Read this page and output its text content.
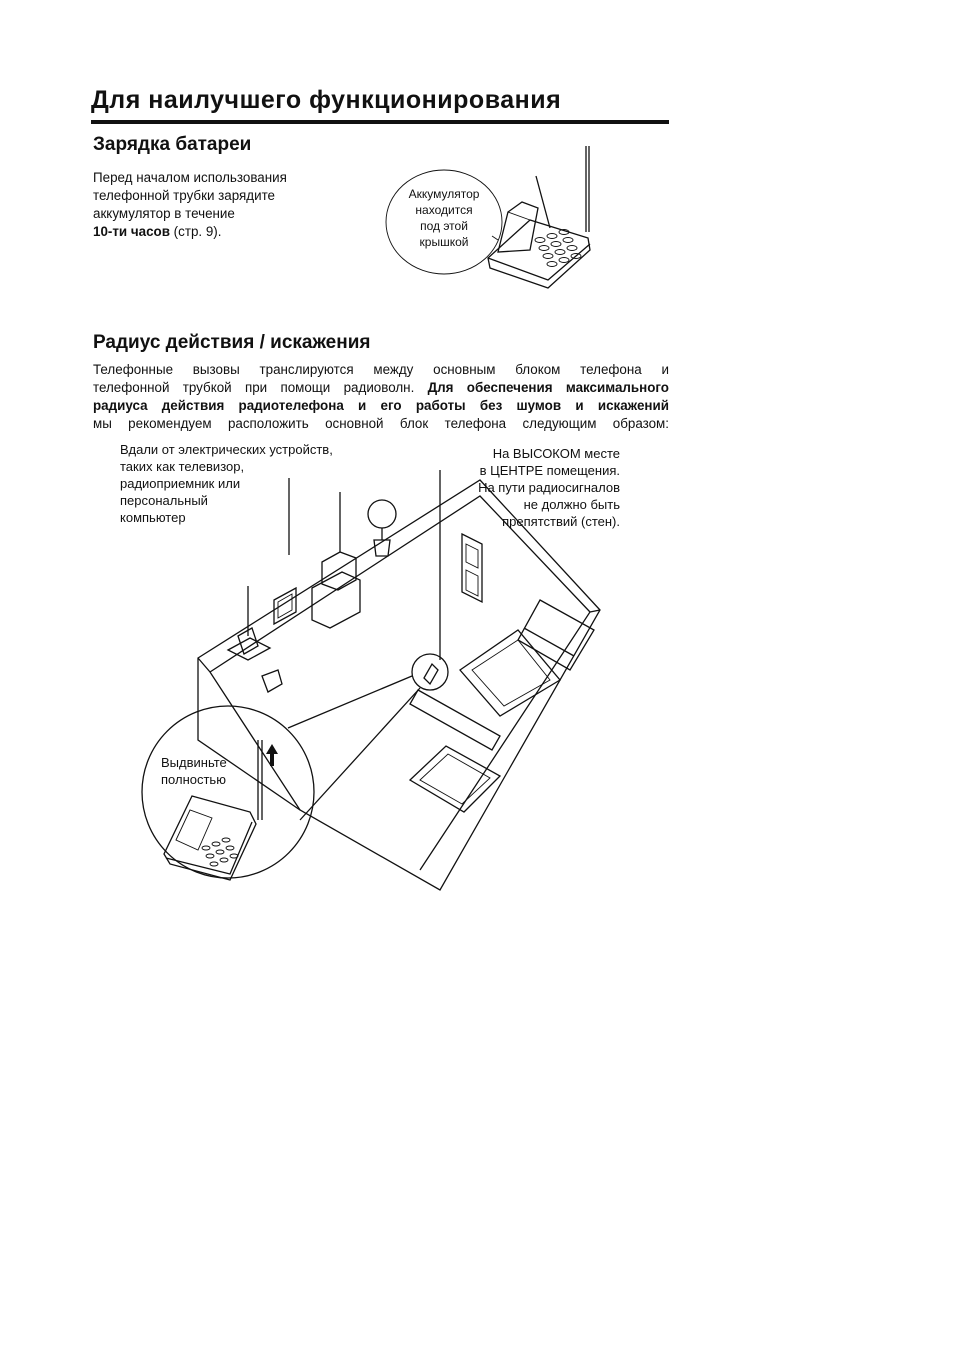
Для наилучшего функционирования
Зарядка батареи
Перед началом использования
телефонной трубки зарядите
аккумулятор в течение
10-ти часов (стр. 9).
Аккумулятор
находится
под этой
крышкой
Радиус действия / искажения
Телефонные вызовы транслируются между основным блоком телефона и
телефонной трубкой при помощи радиоволн. Для обеспечения максимального
радиуса действия радиотелефона и его работы без шумов и искажений
мы рекомендуем расположить основной блок телефона следующим образом:
Вдали от электрических устройств,
таких как телевизор,
радиоприемник или
персональный
компьютер
На ВЫСОКОМ месте
в ЦЕНТРЕ помещения.
На пути радиосигналов
не должно быть
препятствий (стен).
Выдвиньте
полностью
